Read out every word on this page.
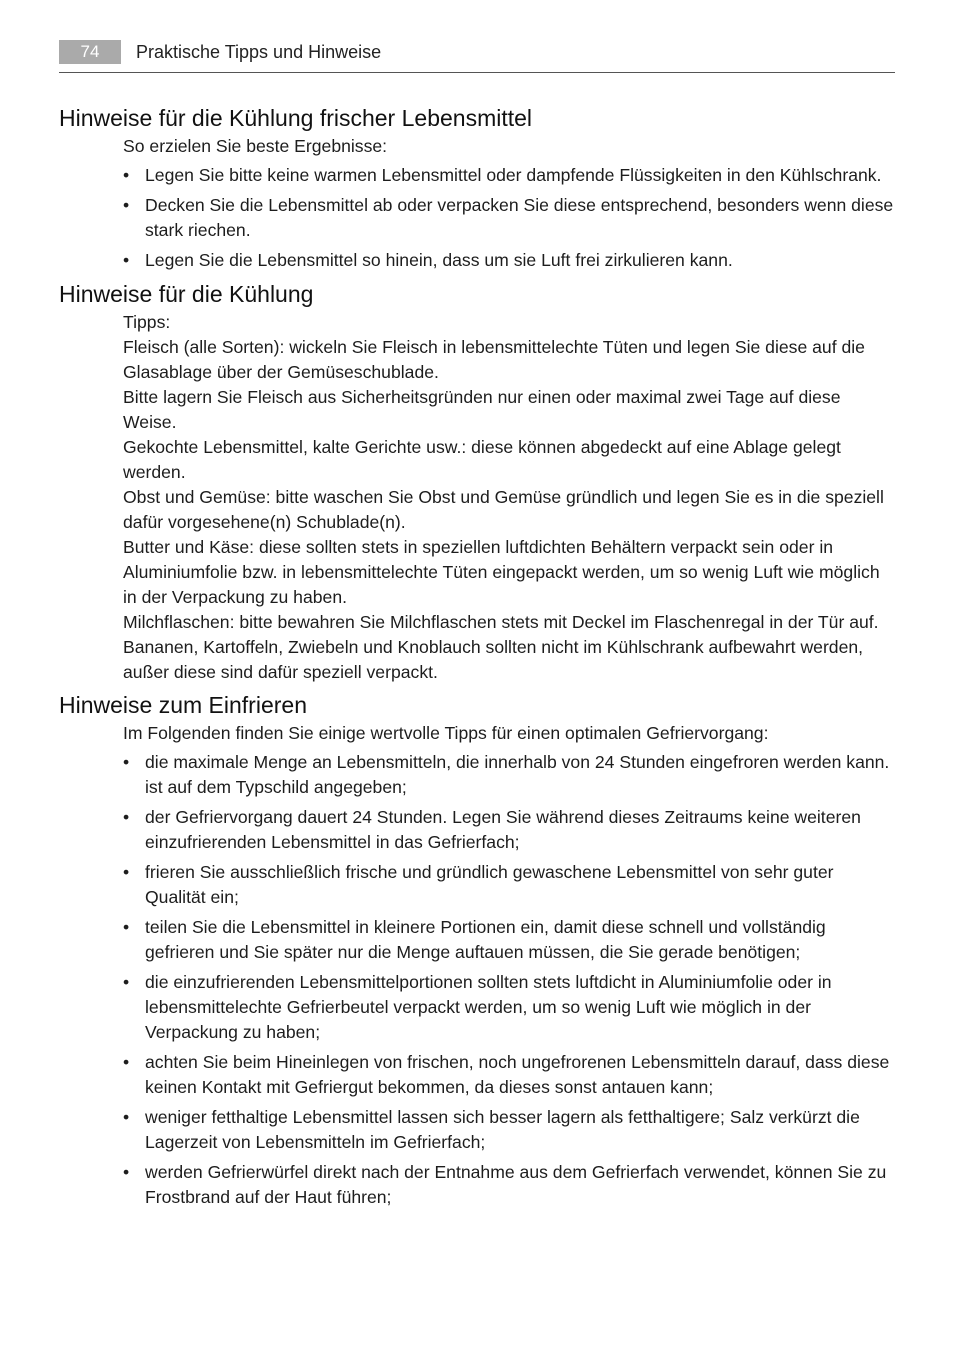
74	Praktische Tipps und Hinweise
Hinweise für die Kühlung frischer Lebensmittel

So erzielen Sie beste Ergebnisse:

• Legen Sie bitte keine warmen Lebensmittel oder dampfende Flüssigkeiten in den Kühlschrank.
• Decken Sie die Lebensmittel ab oder verpacken Sie diese entsprechend, besonders wenn diese stark riechen.
• Legen Sie die Lebensmittel so hinein, dass um sie Luft frei zirkulieren kann.
Hinweise für die Kühlung

Tipps:

Fleisch (alle Sorten): wickeln Sie Fleisch in lebensmittelechte Tüten und legen Sie diese auf die Glasablage über der Gemüseschublade.

Bitte lagern Sie Fleisch aus Sicherheitsgründen nur einen oder maximal zwei Tage auf diese Weise.

Gekochte Lebensmittel, kalte Gerichte usw.: diese können abgedeckt auf eine Ablage gelegt werden.

Obst und Gemüse: bitte waschen Sie Obst und Gemüse gründlich und legen Sie es in die speziell dafür vorgesehene(n) Schublade(n).

Butter und Käse: diese sollten stets in speziellen luftdichten Behältern verpackt sein oder in Aluminiumfolie bzw. in lebensmittelechte Tüten eingepackt werden, um so wenig Luft wie möglich in der Verpackung zu haben.

Milchflaschen: bitte bewahren Sie Milchflaschen stets mit Deckel im Flaschenregal in der Tür auf.

Bananen, Kartoffeln, Zwiebeln und Knoblauch sollten nicht im Kühlschrank aufbewahrt werden, außer diese sind dafür speziell verpackt.

Hinweise zum Einfrieren

Im Folgenden finden Sie einige wertvolle Tipps für einen optimalen Gefriervorgang:

• die maximale Menge an Lebensmitteln, die innerhalb von 24 Stunden eingefroren werden kann. ist auf dem Typschild angegeben;
• der Gefriervorgang dauert 24 Stunden. Legen Sie während dieses Zeitraums keine weiteren einzufrierenden Lebensmittel in das Gefrierfach;
• frieren Sie ausschließlich frische und gründlich gewaschene Lebensmittel von sehr guter Qualität ein;
• teilen Sie die Lebensmittel in kleinere Portionen ein, damit diese schnell und vollständig gefrieren und Sie später nur die Menge auftauen müssen, die Sie gerade benötigen;
• die einzufrierenden Lebensmittelportionen sollten stets luftdicht in Aluminiumfolie oder in lebensmittelechte Gefrierbeutel verpackt werden, um so wenig Luft wie möglich in der Verpackung zu haben;
• achten Sie beim Hineinlegen von frischen, noch ungefrorenen Lebensmitteln darauf, dass diese keinen Kontakt mit Gefriergut bekommen, da dieses sonst antauen kann;
• weniger fetthaltige Lebensmittel lassen sich besser lagern als fetthaltigere; Salz verkürzt die Lagerzeit von Lebensmitteln im Gefrierfach;
• werden Gefrierwürfel direkt nach der Entnahme aus dem Gefrierfach verwendet, können Sie zu Frostbrand auf der Haut führen;
